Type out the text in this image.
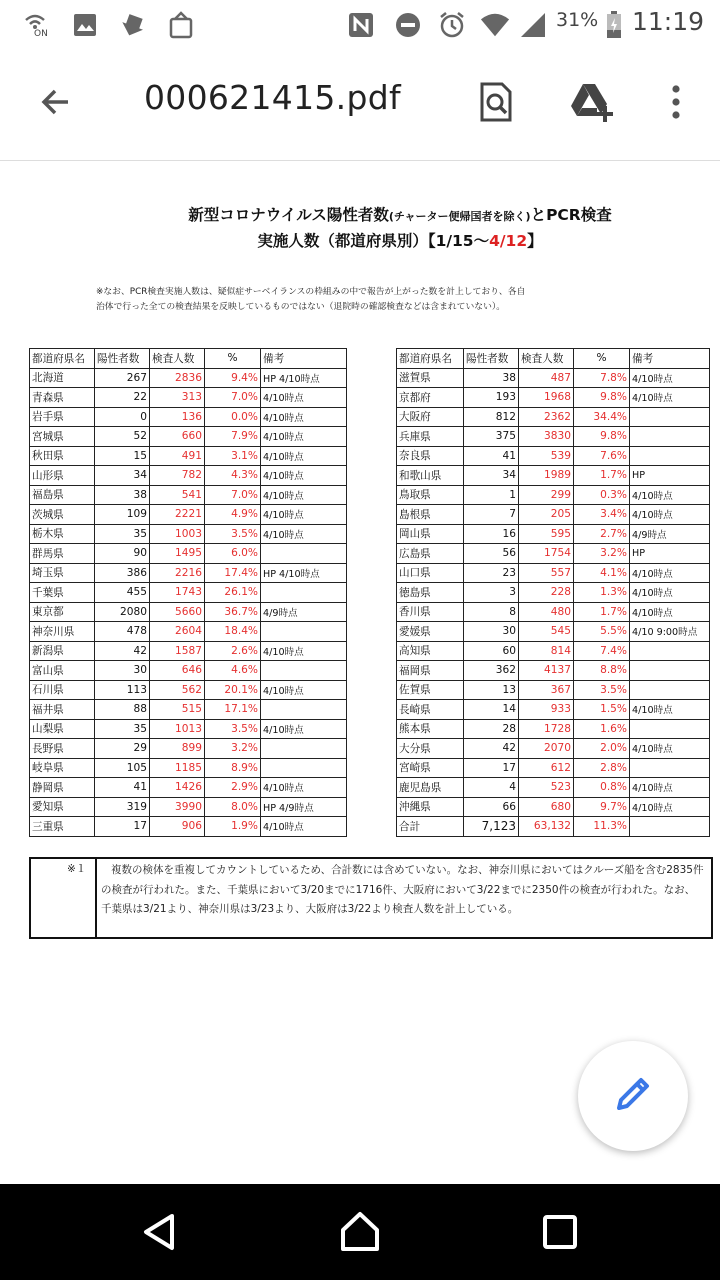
ON
31% 11:19
000621415.pdf
新型コロナウイルス陽性者数(チャーター便帰国者を除く)とPCR検査
実施人数（都道府県別）【1/15～4/12】
※なお、PCR検査実施人数は、疑似症サーベイランスの枠組みの中で報告が上がった数を計上しており、各自
治体で行った全ての検査結果を反映しているものではない（退院時の確認検査などは含まれていない）。
都道府県名	陽性者数	検査人数	%	備考
北海道	267	2836	9.4%	HP 4/10時点
青森県	22	313	7.0%	4/10時点
岩手県	0	136	0.0%	4/10時点
宮城県	52	660	7.9%	4/10時点
秋田県	15	491	3.1%	4/10時点
山形県	34	782	4.3%	4/10時点
福島県	38	541	7.0%	4/10時点
茨城県	109	2221	4.9%	4/10時点
栃木県	35	1003	3.5%	4/10時点
群馬県	90	1495	6.0%	
埼玉県	386	2216	17.4%	HP 4/10時点
千葉県	455	1743	26.1%	
東京都	2080	5660	36.7%	4/9時点
神奈川県	478	2604	18.4%	
新潟県	42	1587	2.6%	4/10時点
富山県	30	646	4.6%	
石川県	113	562	20.1%	4/10時点
福井県	88	515	17.1%	
山梨県	35	1013	3.5%	4/10時点
長野県	29	899	3.2%	
岐阜県	105	1185	8.9%	
静岡県	41	1426	2.9%	4/10時点
愛知県	319	3990	8.0%	HP 4/9時点
三重県	17	906	1.9%	4/10時点
都道府県名	陽性者数	検査人数	%	備考
滋賀県	38	487	7.8%	4/10時点
京都府	193	1968	9.8%	4/10時点
大阪府	812	2362	34.4%	
兵庫県	375	3830	9.8%	
奈良県	41	539	7.6%	
和歌山県	34	1989	1.7%	HP
鳥取県	1	299	0.3%	4/10時点
島根県	7	205	3.4%	4/10時点
岡山県	16	595	2.7%	4/9時点
広島県	56	1754	3.2%	HP
山口県	23	557	4.1%	4/10時点
徳島県	3	228	1.3%	4/10時点
香川県	8	480	1.7%	4/10時点
愛媛県	30	545	5.5%	4/10 9:00時点
高知県	60	814	7.4%	
福岡県	362	4137	8.8%	
佐賀県	13	367	3.5%	
長崎県	14	933	1.5%	4/10時点
熊本県	28	1728	1.6%	
大分県	42	2070	2.0%	4/10時点
宮崎県	17	612	2.8%	
鹿児島県	4	523	0.8%	4/10時点
沖縄県	66	680	9.7%	4/10時点
合計	7,123	63,132	11.3%	
※１	複数の検体を重複してカウントしているため、合計数には含めていない。なお、神奈川県においてはクルーズ船を含む2835件の検査が行われた。また、千葉県において3/20までに1716件、大阪府において3/22までに2350件の検査が行われた。なお、千葉県は3/21より、神奈川県は3/23より、大阪府は3/22より検査人数を計上している。
